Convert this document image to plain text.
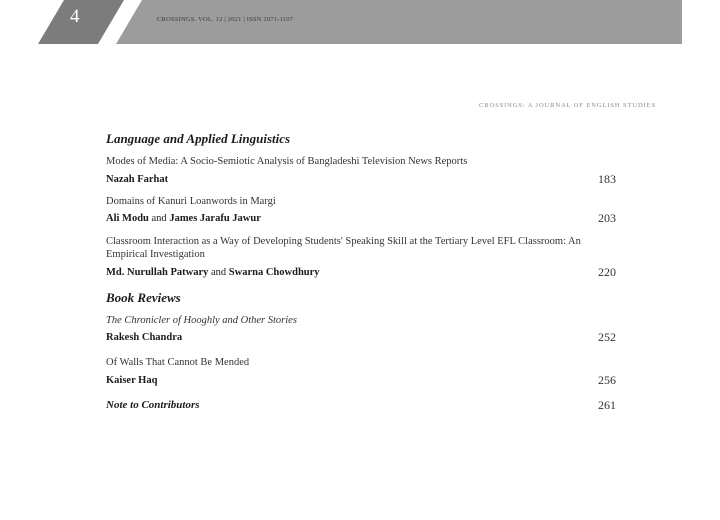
4	CROSSINGS. VOL. 12 | 2021 | ISSN 2071-1107
CROSSINGS: A JOURNAL OF ENGLISH STUDIES
Language and Applied Linguistics
Modes of Media: A Socio-Semiotic Analysis of Bangladeshi Television News Reports
Nazah Farhat	183
Domains of Kanuri Loanwords in Margi
Ali Modu and James Jarafu Jawur	203
Classroom Interaction as a Way of Developing Students' Speaking Skill at the Tertiary Level EFL Classroom: An Empirical Investigation
Md. Nurullah Patwary and Swarna Chowdhury	220
Book Reviews
The Chronicler of Hooghly and Other Stories
Rakesh Chandra	252
Of Walls That Cannot Be Mended
Kaiser Haq	256
Note to Contributors	261
